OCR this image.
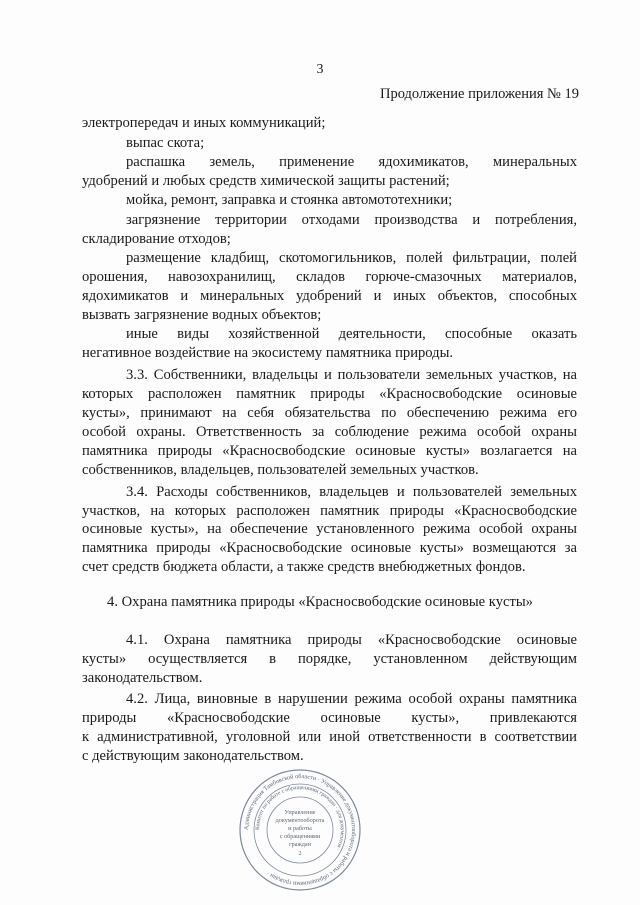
3
Продолжение приложения № 19
электропередач и иных коммуникаций;
выпас скота;
распашка земель, применение ядохимикатов, минеральных
удобрений и любых средств химической защиты растений;
мойка, ремонт, заправка и стоянка автомототехники;
загрязнение территории отходами производства и потребления,
складирование отходов;
размещение кладбищ, скотомогильников, полей фильтрации, полей
орошения, навозохранилищ, складов горюче-смазочных материалов,
ядохимикатов и минеральных удобрений и иных объектов, способных
вызвать загрязнение водных объектов;
иные виды хозяйственной деятельности, способные оказать
негативное воздействие на экосистему памятника природы.
3.3. Собственники, владельцы и пользователи земельных участков, на
которых расположен памятник природы «Красносвободские осиновые
кусты», принимают на себя обязательства по обеспечению режима его
особой охраны. Ответственность за соблюдение режима особой охраны
памятника природы «Красносвободские осиновые кусты» возлагается на
собственников, владельцев, пользователей земельных участков.
3.4. Расходы собственников, владельцев и пользователей земельных
участков, на которых расположен памятник природы «Красносвободские
осиновые кусты», на обеспечение установленного режима особой охраны
памятника природы «Красносвободские осиновые кусты» возмещаются за
счет средств бюджета области, а также средств внебюджетных фондов.
4. Охрана памятника природы «Красносвободские осиновые кусты»
4.1. Охрана памятника природы «Красносвободские осиновые
кусты» осуществляется в порядке, установленном действующим
законодательством.
4.2. Лица, виновные в нарушении режима особой охраны памятника
природы «Красносвободские осиновые кусты», привлекаются
к административной, уголовной или иной ответственности в соответствии
с действующим законодательством.
Администрация Тамбовской области · Управление документооборота и работы с обращениями граждан ·
Комитет по работе с обращениями граждан · для документов ·
Управление
документооборота
и работы
с обращениями
граждан
2
